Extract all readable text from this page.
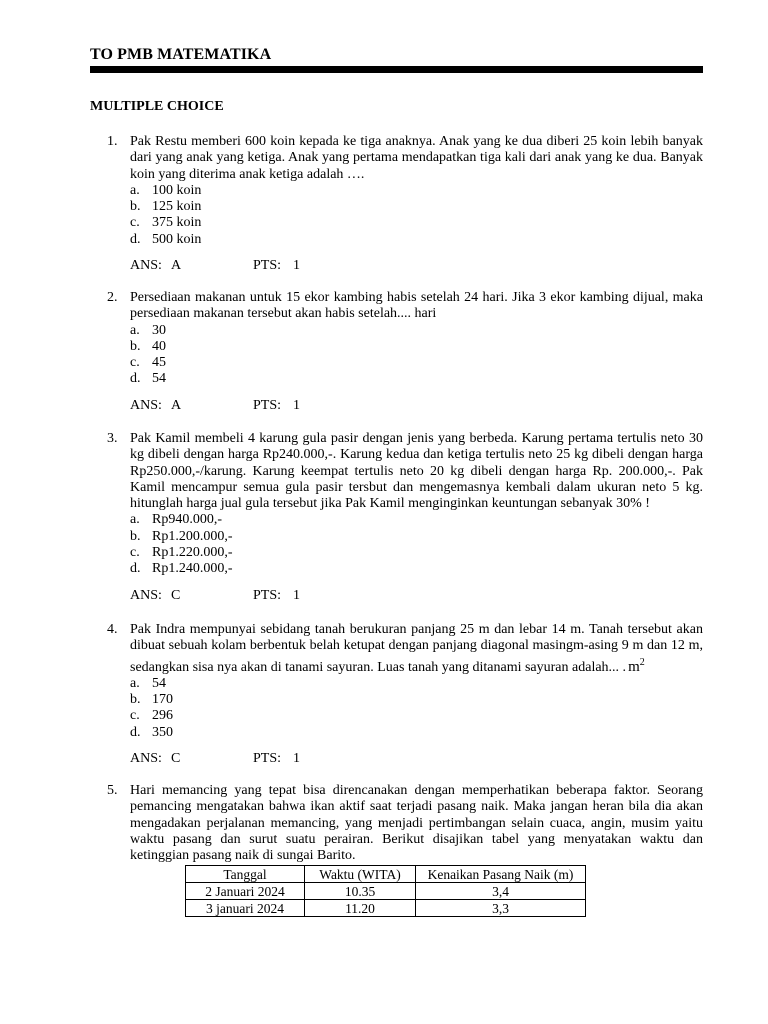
TO PMB MATEMATIKA
MULTIPLE CHOICE
1. Pak Restu memberi 600 koin kepada ke tiga anaknya. Anak yang ke dua diberi 25 koin lebih banyak dari yang anak yang ketiga. Anak yang pertama mendapatkan tiga kali dari anak yang ke dua. Banyak koin yang diterima anak ketiga adalah ….
a. 100 koin
b. 125 koin
c. 375 koin
d. 500 koin
ANS: A	PTS: 1
2. Persediaan makanan untuk 15 ekor kambing habis setelah 24 hari. Jika 3 ekor kambing dijual, maka persediaan makanan tersebut akan habis setelah.... hari
a. 30
b. 40
c. 45
d. 54
ANS: A	PTS: 1
3. Pak Kamil membeli 4 karung gula pasir dengan jenis yang berbeda. Karung pertama tertulis neto 30 kg dibeli dengan harga Rp240.000,-. Karung kedua dan ketiga tertulis neto 25 kg dibeli dengan harga Rp250.000,-/karung. Karung keempat tertulis neto 20 kg dibeli dengan harga Rp. 200.000,-. Pak Kamil mencampur semua gula pasir tersbut dan mengemasnya kembali dalam ukuran neto 5 kg. hitunglah harga jual gula tersebut jika Pak Kamil menginginkan keuntungan sebanyak 30% !
a. Rp940.000,-
b. Rp1.200.000,-
c. Rp1.220.000,-
d. Rp1.240.000,-
ANS: C	PTS: 1
4. Pak Indra mempunyai sebidang tanah berukuran panjang 25 m dan lebar 14 m. Tanah tersebut akan dibuat sebuah kolam berbentuk belah ketupat dengan panjang diagonal masingm-asing 9 m dan 12 m, sedangkan sisa nya akan di tanami sayuran. Luas tanah yang ditanami sayuran adalah... . $m^2$
a. 54
b. 170
c. 296
d. 350
ANS: C	PTS: 1
5. Hari memancing yang tepat bisa direncanakan dengan memperhatikan beberapa faktor. Seorang pemancing mengatakan bahwa ikan aktif saat terjadi pasang naik. Maka jangan heran bila dia akan mengadakan perjalanan memancing, yang menjadi pertimbangan selain cuaca, angin, musim yaitu waktu pasang dan surut suatu perairan. Berikut disajikan tabel yang menyatakan waktu dan ketinggian pasang naik di sungai Barito.
Tanggal	Waktu (WITA)	Kenaikan Pasang Naik (m)
2 Januari 2024	10.35	3,4
3 januari 2024	11.20	3,3
